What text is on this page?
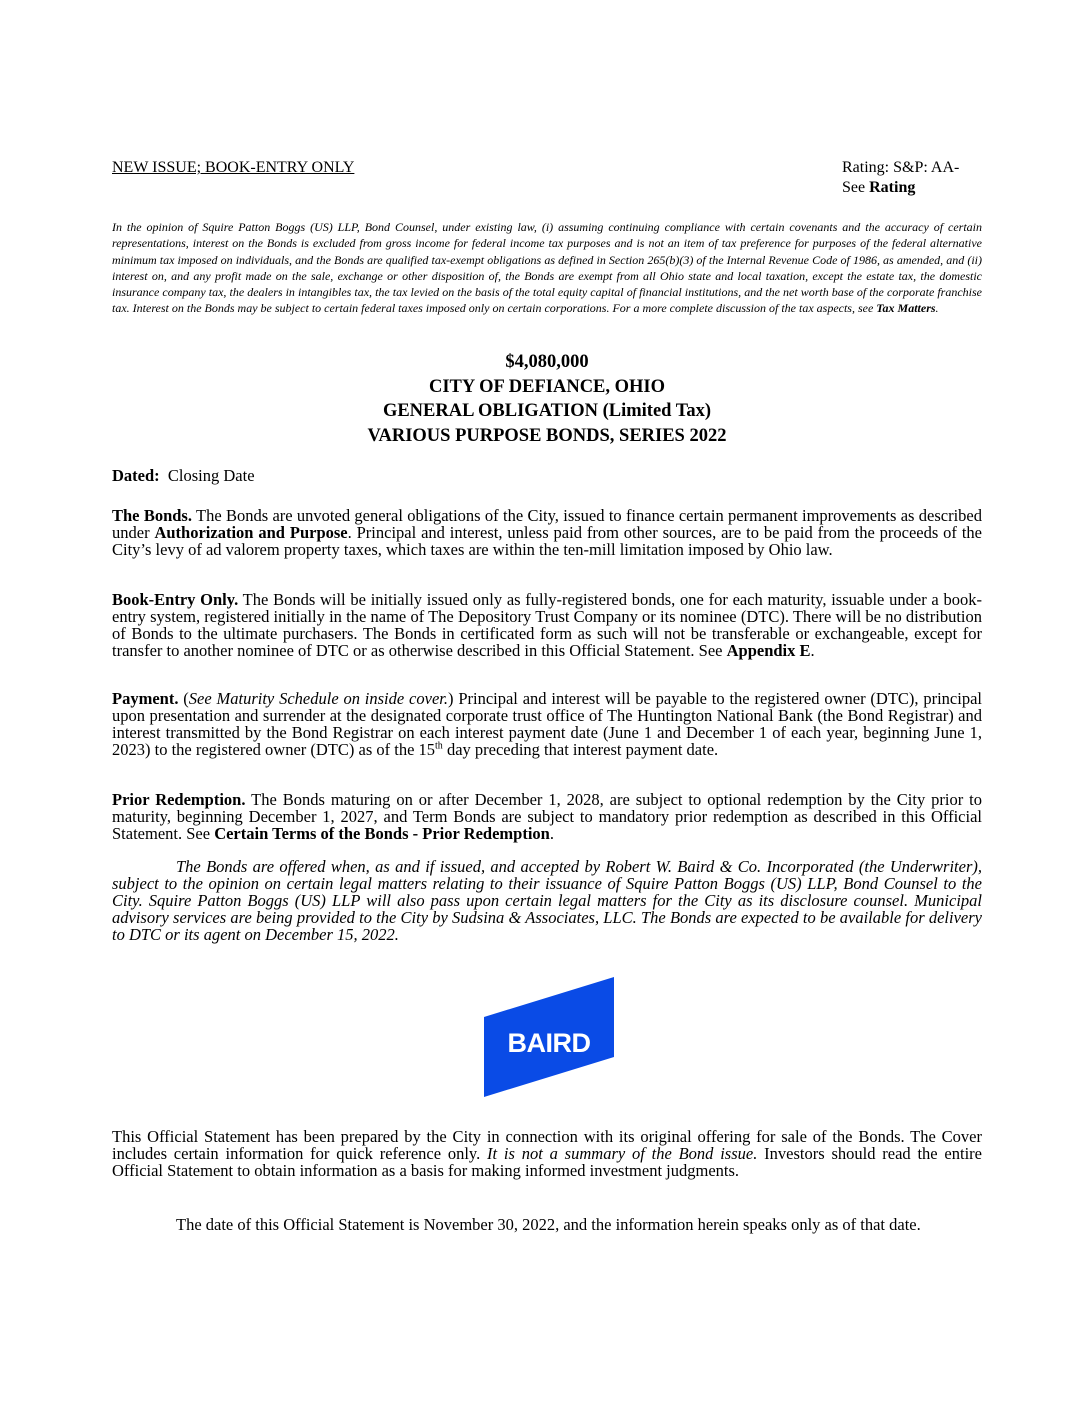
NEW ISSUE; BOOK-ENTRY ONLY	Rating: S&P: AA-
See Rating

In the opinion of Squire Patton Boggs (US) LLP, Bond Counsel, under existing law, (i) assuming continuing compliance with certain covenants and the accuracy of certain representations, interest on the Bonds is excluded from gross income for federal income tax purposes and is not an item of tax preference for purposes of the federal alternative minimum tax imposed on individuals, and the Bonds are qualified tax-exempt obligations as defined in Section 265(b)(3) of the Internal Revenue Code of 1986, as amended, and (ii) interest on, and any profit made on the sale, exchange or other disposition of, the Bonds are exempt from all Ohio state and local taxation, except the estate tax, the domestic insurance company tax, the dealers in intangibles tax, the tax levied on the basis of the total equity capital of financial institutions, and the net worth base of the corporate franchise tax. Interest on the Bonds may be subject to certain federal taxes imposed only on certain corporations. For a more complete discussion of the tax aspects, see Tax Matters.

$4,080,000
CITY OF DEFIANCE, OHIO
GENERAL OBLIGATION (Limited Tax)
VARIOUS PURPOSE BONDS, SERIES 2022
Dated: Closing Date

The Bonds. The Bonds are unvoted general obligations of the City, issued to finance certain permanent improvements as described under Authorization and Purpose. Principal and interest, unless paid from other sources, are to be paid from the proceeds of the City’s levy of ad valorem property taxes, which taxes are within the ten-mill limitation imposed by Ohio law.

Book-Entry Only. The Bonds will be initially issued only as fully-registered bonds, one for each maturity, issuable under a book-entry system, registered initially in the name of The Depository Trust Company or its nominee (DTC). There will be no distribution of Bonds to the ultimate purchasers. The Bonds in certificated form as such will not be transferable or exchangeable, except for transfer to another nominee of DTC or as otherwise described in this Official Statement. See Appendix E.

Payment. (See Maturity Schedule on inside cover.) Principal and interest will be payable to the registered owner (DTC), principal upon presentation and surrender at the designated corporate trust office of The Huntington National Bank (the Bond Registrar) and interest transmitted by the Bond Registrar on each interest payment date (June 1 and December 1 of each year, beginning June 1, 2023) to the registered owner (DTC) as of the 15th day preceding that interest payment date.

Prior Redemption. The Bonds maturing on or after December 1, 2028, are subject to optional redemption by the City prior to maturity, beginning December 1, 2027, and Term Bonds are subject to mandatory prior redemption as described in this Official Statement. See Certain Terms of the Bonds - Prior Redemption.

The Bonds are offered when, as and if issued, and accepted by Robert W. Baird & Co. Incorporated (the Underwriter), subject to the opinion on certain legal matters relating to their issuance of Squire Patton Boggs (US) LLP, Bond Counsel to the City. Squire Patton Boggs (US) LLP will also pass upon certain legal matters for the City as its disclosure counsel. Municipal advisory services are being provided to the City by Sudsina & Associates, LLC. The Bonds are expected to be available for delivery to DTC or its agent on December 15, 2022.

BAIRD

This Official Statement has been prepared by the City in connection with its original offering for sale of the Bonds. The Cover includes certain information for quick reference only. It is not a summary of the Bond issue. Investors should read the entire Official Statement to obtain information as a basis for making informed investment judgments.

The date of this Official Statement is November 30, 2022, and the information herein speaks only as of that date.
